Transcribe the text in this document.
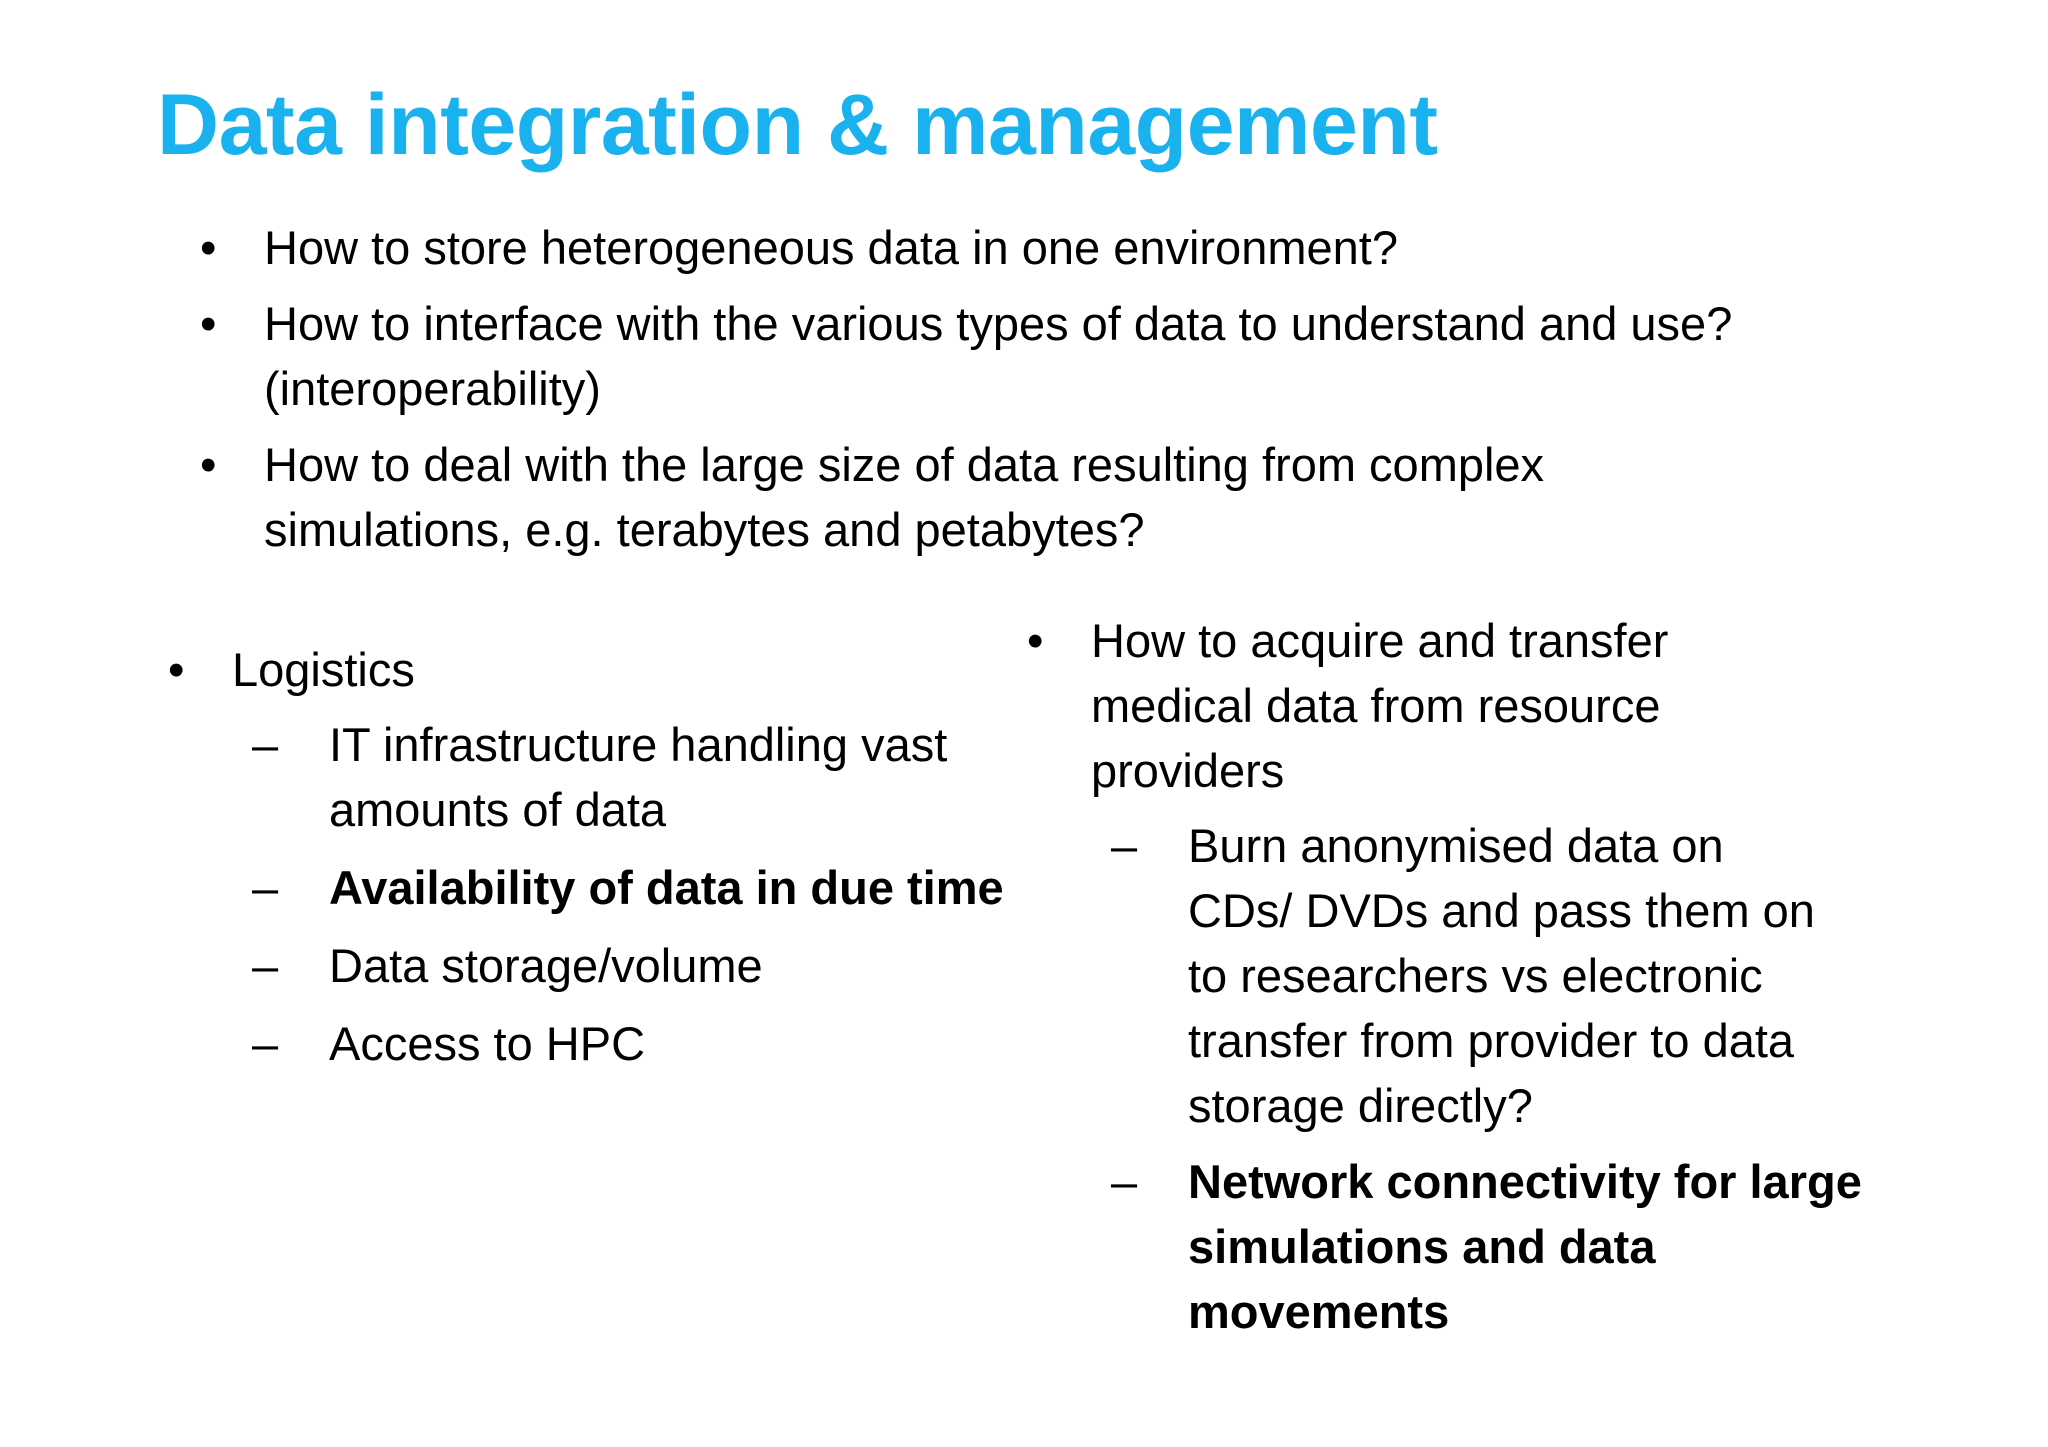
Data integration & management
• How to store heterogeneous data in one environment?
• How to interface with the various types of data to understand and use? (interoperability)
• How to deal with the large size of data resulting from complex simulations, e.g. terabytes and petabytes?
• Logistics
– IT infrastructure handling vast amounts of data
– Availability of data in due time
– Data storage/volume
– Access to HPC
• How to acquire and transfer medical data from resource providers
– Burn anonymised data on CDs/ DVDs and pass them on to researchers vs electronic transfer from provider to data storage directly?
– Network connectivity for large simulations and data movements
